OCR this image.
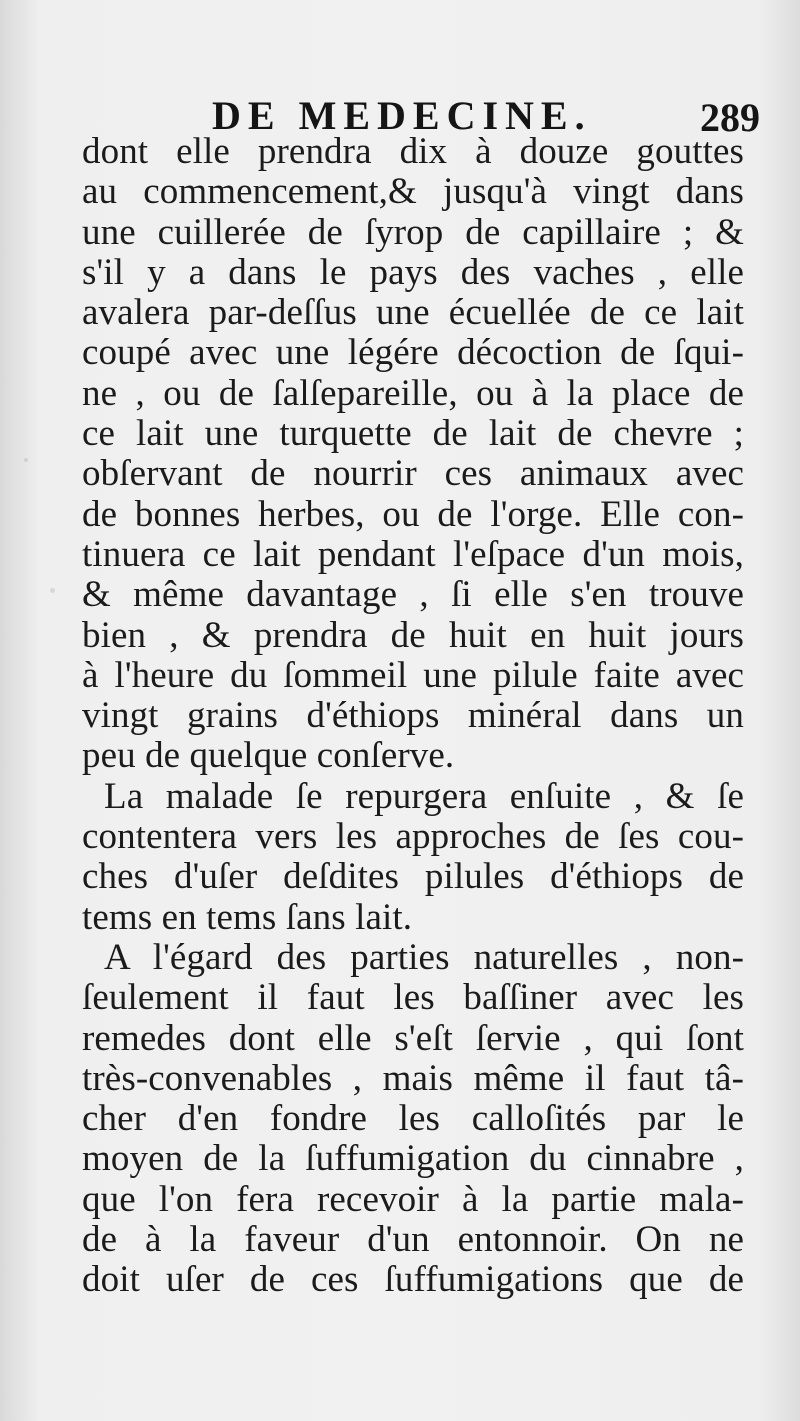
DE MEDECINE.	289

dont elle prendra dix à douze gouttes
au commencement,& jusqu'à vingt dans
une cuillerée de ſyrop de capillaire ; &
s'il y a dans le pays des vaches , elle
avalera par-deſſus une écuellée de ce lait
coupé avec une légére décoction de ſqui-
ne , ou de ſalſepareille, ou à la place de
ce lait une turquette de lait de chevre ;
obſervant de nourrir ces animaux avec
de bonnes herbes, ou de l'orge. Elle con-
tinuera ce lait pendant l'eſpace d'un mois,
& même davantage , ſi elle s'en trouve
bien , & prendra de huit en huit jours
à l'heure du ſommeil une pilule faite avec
vingt grains d'éthiops minéral dans un
peu de quelque conſerve.

La malade ſe repurgera enſuite , & ſe
contentera vers les approches de ſes cou-
ches d'uſer deſdites pilules d'éthiops de
tems en tems ſans lait.

A l'égard des parties naturelles , non-
ſeulement il faut les baſſiner avec les
remedes dont elle s'eſt ſervie , qui ſont
très-convenables , mais même il faut tâ-
cher d'en fondre les calloſités par le
moyen de la ſuffumigation du cinnabre ,
que l'on fera recevoir à la partie mala-
de à la faveur d'un entonnoir. On ne
doit uſer de ces ſuffumigations que de
